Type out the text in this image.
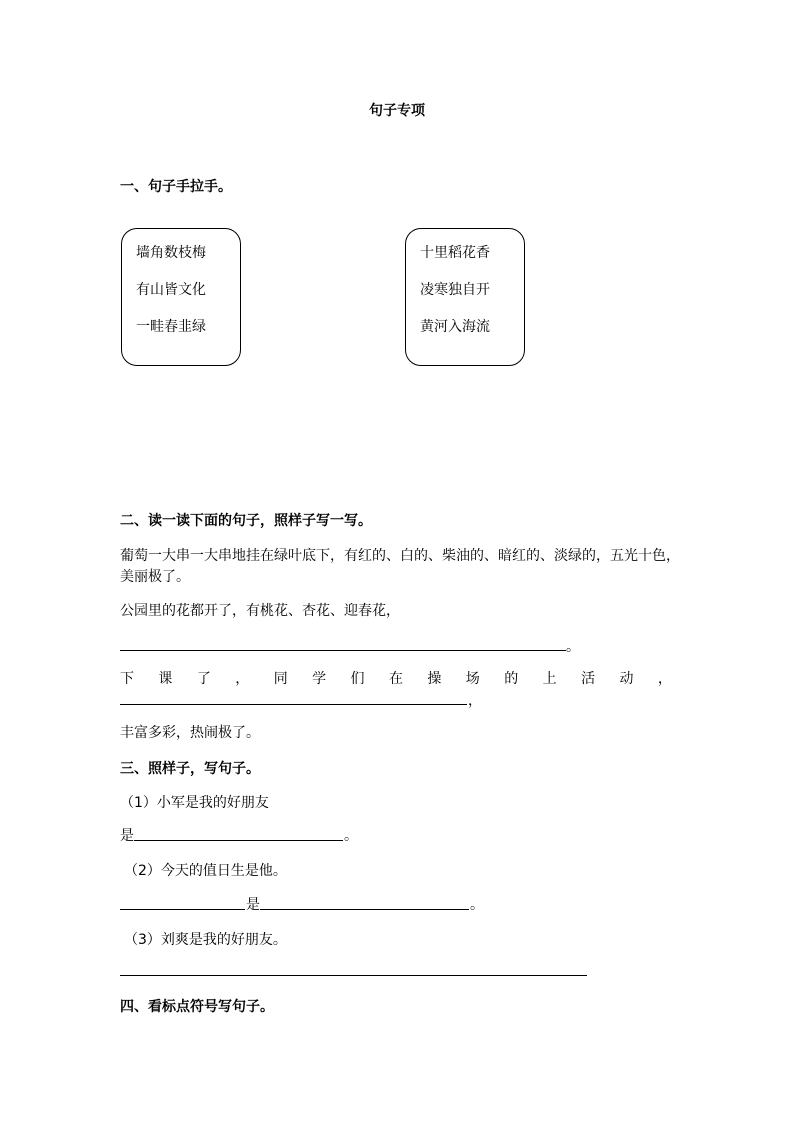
句子专项
一、句子手拉手。
墙角数枝梅
有山皆文化
一畦春韭绿
十里稻花香
凌寒独自开
黄河入海流
二、读一读下面的句子，照样子写一写。
葡萄一大串一大串地挂在绿叶底下，有红的、白的、柴油的、暗红的、淡绿的，五光十色，
美丽极了。
公园里的花都开了，有桃花、杏花、迎春花，
。
下 课 了 ， 同 学 们 在 操 场 的 上 活 动 ，
，
丰富多彩，热闹极了。
三、照样子，写句子。
（1）小军是我的好朋友
是	。
（2）今天的值日生是他。
是	。
（3）刘爽是我的好朋友。
四、看标点符号写句子。
